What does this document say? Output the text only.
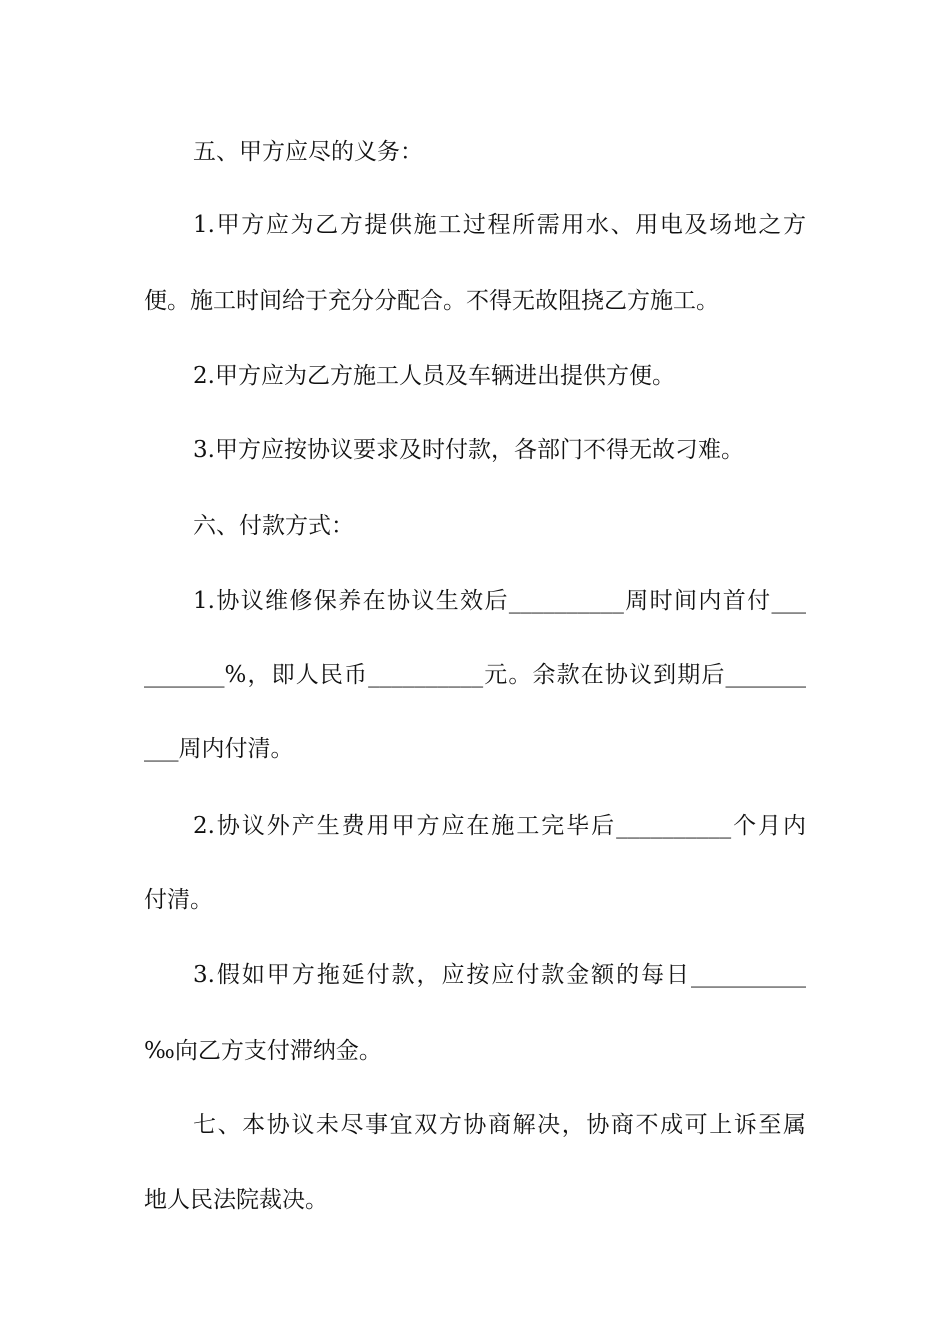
五、甲方应尽的义务：
1.甲方应为乙方提供施工过程所需用水、用电及场地之方
便。施工时间给于充分分配合。不得无故阻挠乙方施工。
2.甲方应为乙方施工人员及车辆进出提供方便。
3.甲方应按协议要求及时付款，各部门不得无故刁难。
六、付款方式：
1.协议维修保养在协议生效后__________周时间内首付___
_______%，即人民币__________元。余款在协议到期后_______
___周内付清。
2.协议外产生费用甲方应在施工完毕后__________个月内
付清。
3.假如甲方拖延付款，应按应付款金额的每日__________
‰向乙方支付滞纳金。
七、本协议未尽事宜双方协商解决，协商不成可上诉至属
地人民法院裁决。
